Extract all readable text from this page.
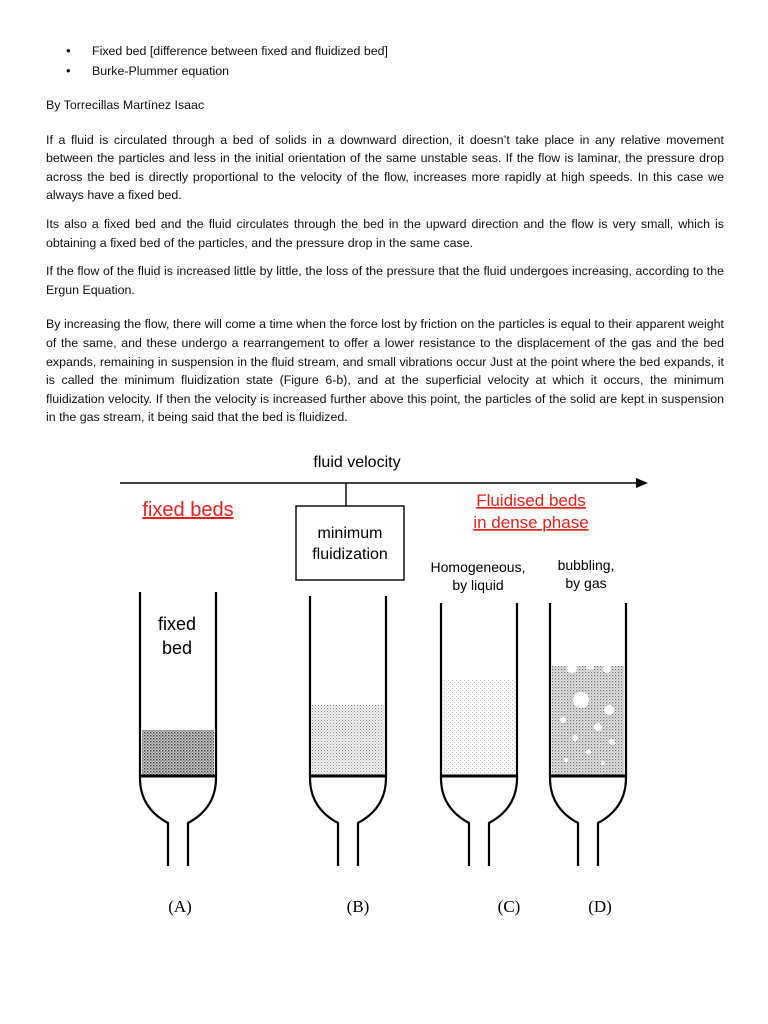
• Fixed bed [difference between fixed and fluidized bed]
• Burke-Plummer equation
By Torrecillas Martínez Isaac

If a fluid is circulated through a bed of solids in a downward direction, it doesn’t take place in any relative movement between the particles and less in the initial orientation of the same unstable seas. If the flow is laminar, the pressure drop across the bed is directly proportional to the velocity of the flow, increases more rapidly at high speeds. In this case we always have a fixed bed.

Its also a fixed bed and the fluid circulates through the bed in the upward direction and the flow is very small, which is obtaining a fixed bed of the particles, and the pressure drop in the same case.

If the flow of the fluid is increased little by little, the loss of the pressure that the fluid undergoes increasing, according to the Ergun Equation.

By increasing the flow, there will come a time when the force lost by friction on the particles is equal to their apparent weight of the same, and these undergo a rearrangement to offer a lower resistance to the displacement of the gas and the bed expands, remaining in suspension in the fluid stream, and small vibrations occur Just at the point where the bed expands, it is called the minimum fluidization state (Figure 6-b), and at the superficial velocity at which it occurs, the minimum fluidization velocity. If then the velocity is increased further above this point, the particles of the solid are kept in suspension in the gas stream, it being said that the bed is fluidized.

fluid velocity
fixed beds	Fluidised beds
in dense phase
minimum
fluidization
fixed
bed
Homogeneous,
by liquid
bubbling,
by gas
(A)	(B)	(C)	(D)
